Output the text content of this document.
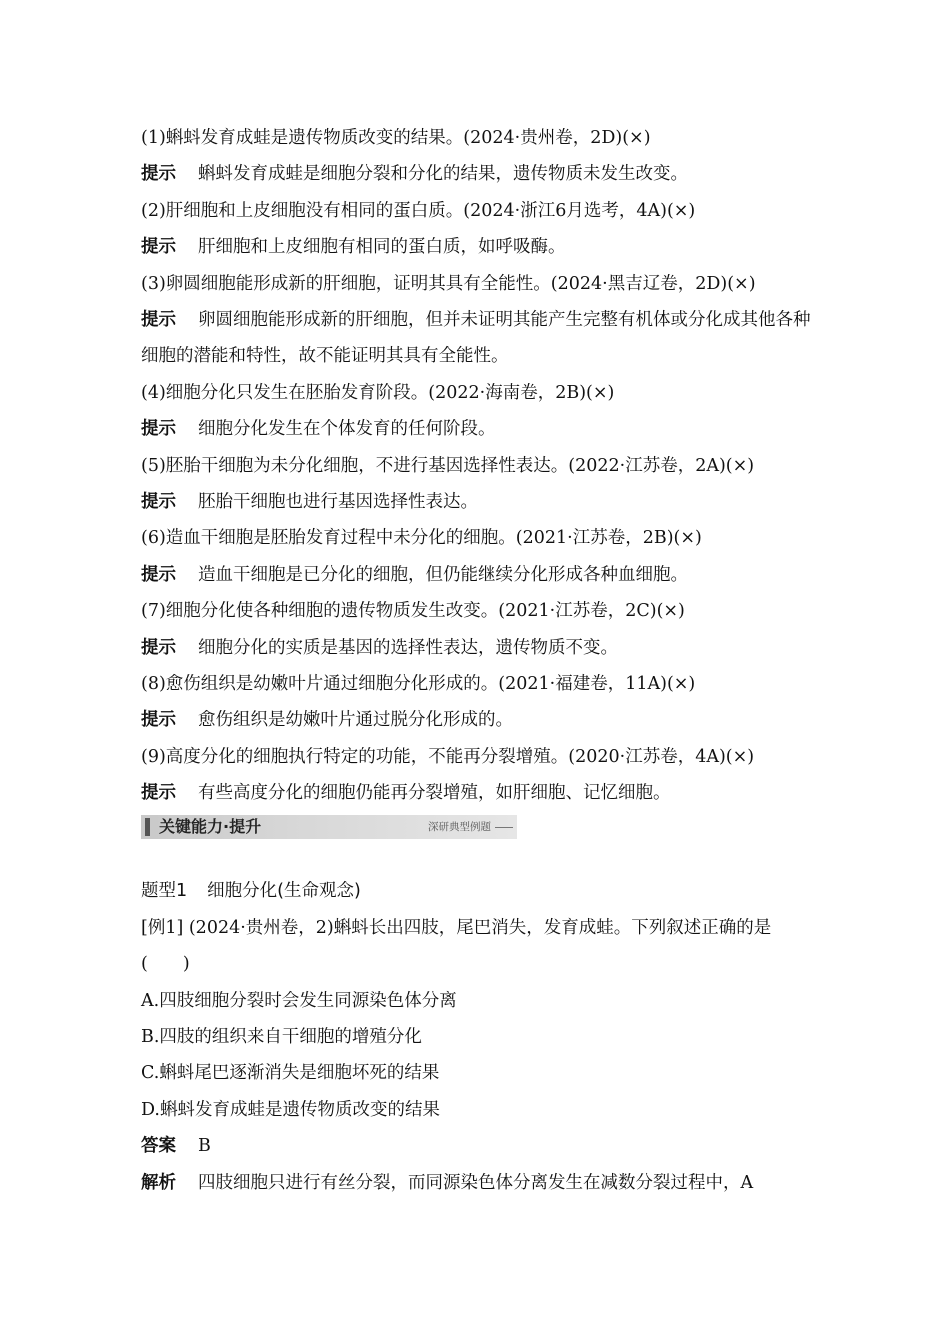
(1)蝌蚪发育成蛙是遗传物质改变的结果。(2024·贵州卷，2D)(×)
提示 蝌蚪发育成蛙是细胞分裂和分化的结果，遗传物质未发生改变。
(2)肝细胞和上皮细胞没有相同的蛋白质。(2024·浙江6月选考，4A)(×)
提示 肝细胞和上皮细胞有相同的蛋白质，如呼吸酶。
(3)卵圆细胞能形成新的肝细胞，证明其具有全能性。(2024·黑吉辽卷，2D)(×)
提示 卵圆细胞能形成新的肝细胞，但并未证明其能产生完整有机体或分化成其他各种细胞的潜能和特性，故不能证明其具有全能性。
(4)细胞分化只发生在胚胎发育阶段。(2022·海南卷，2B)(×)
提示 细胞分化发生在个体发育的任何阶段。
(5)胚胎干细胞为未分化细胞，不进行基因选择性表达。(2022·江苏卷，2A)(×)
提示 胚胎干细胞也进行基因选择性表达。
(6)造血干细胞是胚胎发育过程中未分化的细胞。(2021·江苏卷，2B)(×)
提示 造血干细胞是已分化的细胞，但仍能继续分化形成各种血细胞。
(7)细胞分化使各种细胞的遗传物质发生改变。(2021·江苏卷，2C)(×)
提示 细胞分化的实质是基因的选择性表达，遗传物质不变。
(8)愈伤组织是幼嫩叶片通过细胞分化形成的。(2021·福建卷，11A)(×)
提示 愈伤组织是幼嫩叶片通过脱分化形成的。
(9)高度分化的细胞执行特定的功能，不能再分裂增殖。(2020·江苏卷，4A)(×)
提示 有些高度分化的细胞仍能再分裂增殖，如肝细胞、记忆细胞。
关键能力·提升	深研典型例题
题型1 细胞分化(生命观念)
[例1] (2024·贵州卷，2)蝌蚪长出四肢，尾巴消失，发育成蛙。下列叙述正确的是(　　)
A.四肢细胞分裂时会发生同源染色体分离
B.四肢的组织来自干细胞的增殖分化
C.蝌蚪尾巴逐渐消失是细胞坏死的结果
D.蝌蚪发育成蛙是遗传物质改变的结果
答案 B
解析 四肢细胞只进行有丝分裂，而同源染色体分离发生在减数分裂过程中，A
